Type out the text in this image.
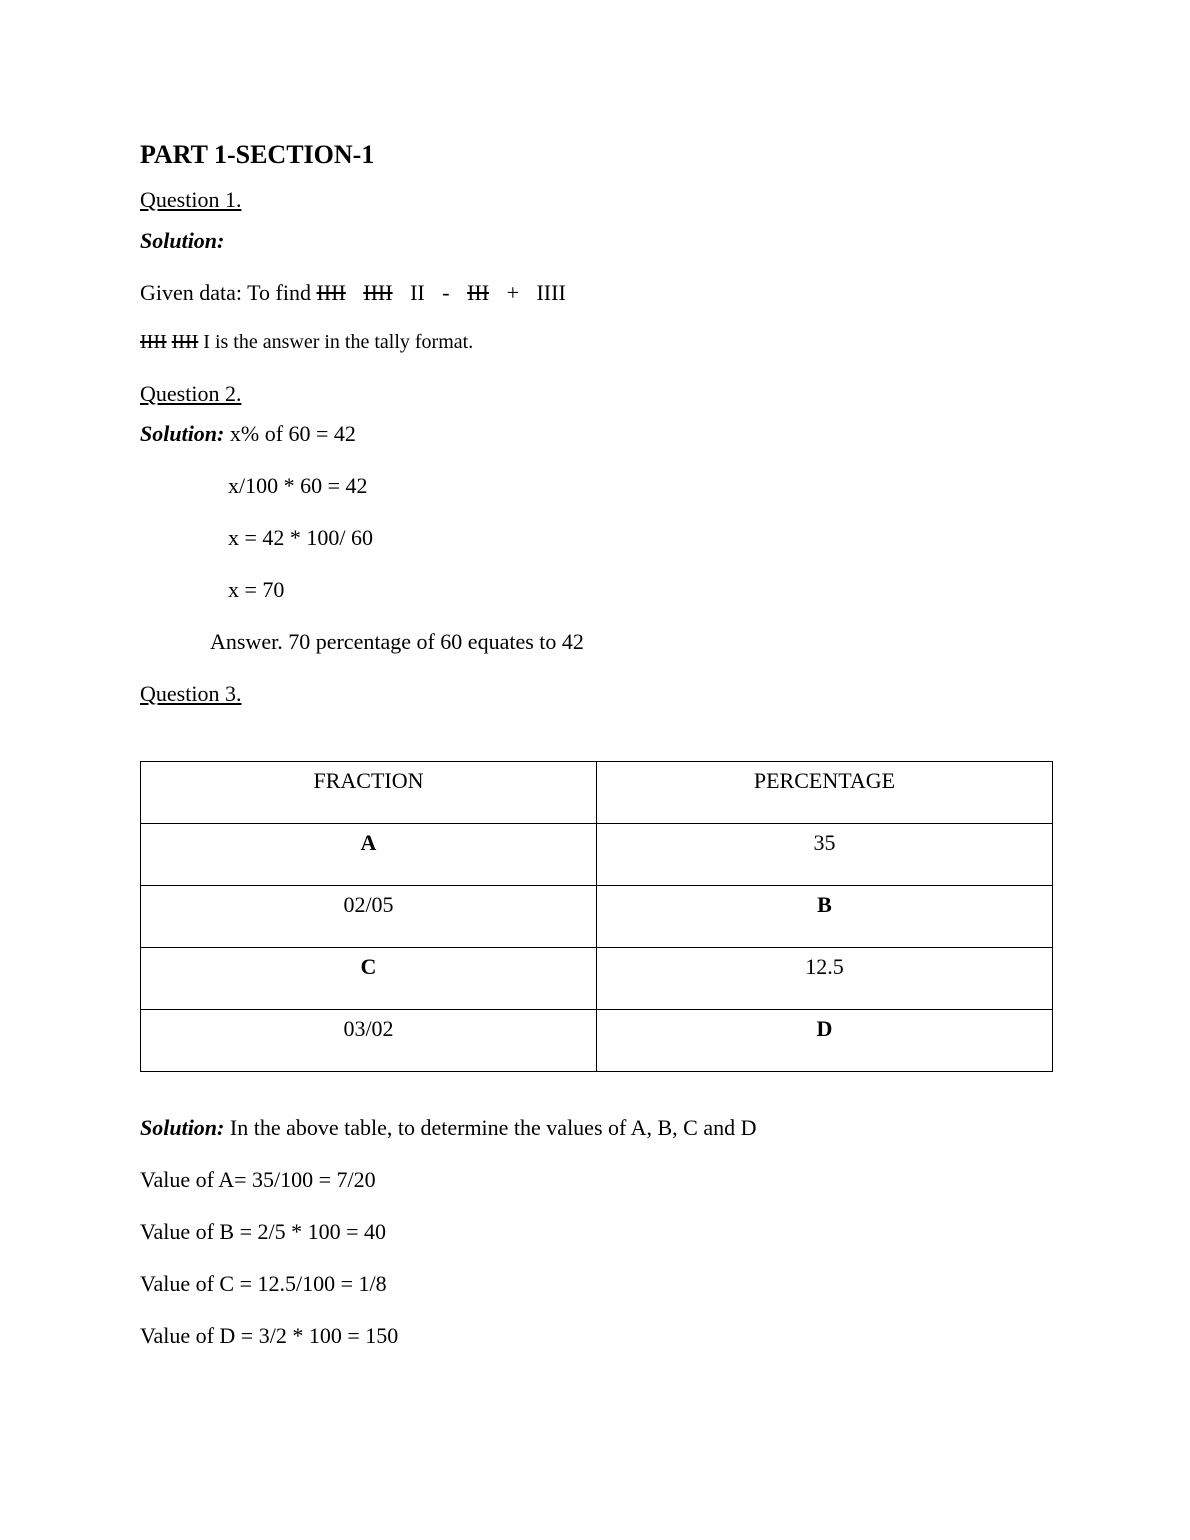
PART 1-SECTION-1
Question 1.
Solution:
Given data: To find IIII IIII II - III + IIII
IIII IIII I is the answer in the tally format.
Question 2.
Solution: x% of 60 = 42
x/100 * 60 = 42
x = 42 * 100/ 60
x = 70
Answer. 70 percentage of 60 equates to 42
Question 3.
FRACTION	PERCENTAGE
A	35
02/05	B
C	12.5
03/02	D
Solution: In the above table, to determine the values of A, B, C and D
Value of A= 35/100 = 7/20
Value of B = 2/5 * 100 = 40
Value of C = 12.5/100 = 1/8
Value of D = 3/2 * 100 = 150
